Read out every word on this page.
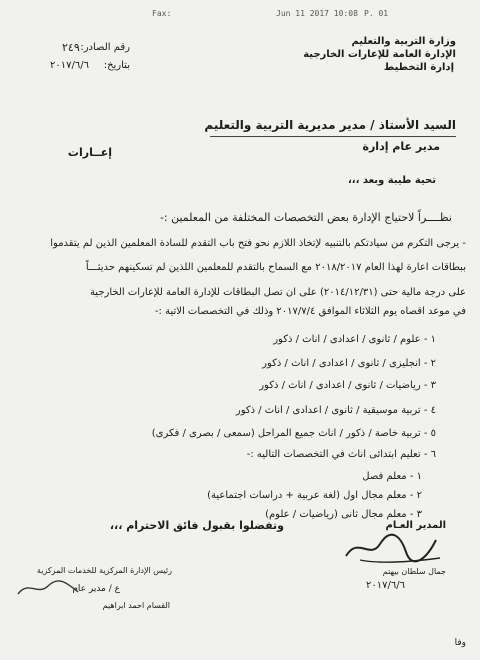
Fax:	Jun 11 2017 10:08 P. 01
وزارة التربية والتعليم
الإدارة العامة للإعارات الخارجية
إدارة التخطيط
رقم الصادر:
٢٤٩
بتاريخ:
٢٠١٧/٦/٦
السيد الأستاذ / مدير مديرية التربية والتعليم
مدير عام إدارة
إعــارات
تحية طيبة وبعد ،،،
نظــــراً لاحتياج الإدارة بعض التخصصات المختلفة من المعلمين :-
- يرجى التكرم من سيادتكم بالتنبيه لإتخاذ اللازم نحو فتح باب التقدم للسادة المعلمين الذين لم يتقدموا
ببطاقات اعارة لهذا العام ٢٠١٨/٢٠١٧ مع السماح بالتقدم للمعلمين اللذين لم تسكينهم حديثـــاً
على درجة مالية حتى (٢٠١٤/١٢/٣١) على ان تصل البطاقات للإدارة العامة للإعارات الخارجية
في موعد اقصاه يوم الثلاثاء الموافق ٢٠١٧/٧/٤ وذلك في التخصصات الاتية :-
١ - علوم / ثانوى / اعدادى / اناث / ذكور
٢ - انجليزى / ثانوى / اعدادى / اناث / ذكور
٣ - رياضيات / ثانوى / اعدادى / اناث / ذكور
٤ - تربية موسيقية / ثانوى / اعدادى / اناث / ذكور
٥ - تربية خاصة / ذكور / اناث جميع المراحل (سمعى / بصرى / فكرى)
٦ - تعليم ابتدائى اناث في التخصصات التاليه :-
١ - معلم فصل
٢ - معلم مجال اول (لغة عربية + دراسات اجتماعية)
٣ - معلم مجال ثانى (رياضيات / علوم)
وتفضلوا بقبول فائق الاحترام ،،،	المدير العـام
جمال سلطان بيهتم
٢٠١٧/٦/٦
رئيس الإدارة المركزية للخدمات المركزية
ع / مدير عام
القسام احمد ابراهيم
وفا
